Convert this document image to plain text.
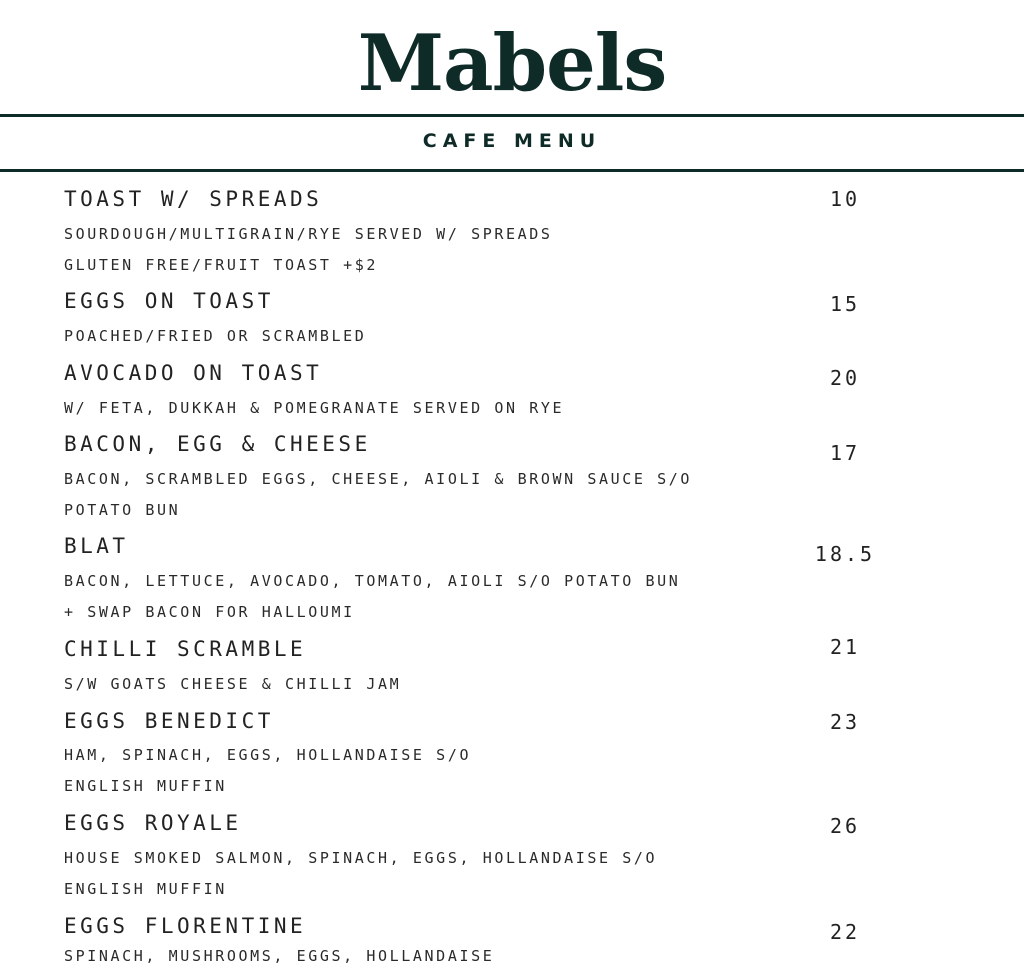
Mabels
CAFE MENU
TOAST W/ SPREADS	10
SOURDOUGH/MULTIGRAIN/RYE SERVED W/ SPREADS
GLUTEN FREE/FRUIT TOAST +$2
EGGS ON TOAST	15
POACHED/FRIED OR SCRAMBLED
AVOCADO ON TOAST	20
W/ FETA, DUKKAH & POMEGRANATE SERVED ON RYE
BACON, EGG & CHEESE	17
BACON, SCRAMBLED EGGS, CHEESE, AIOLI & BROWN SAUCE S/O
POTATO BUN
BLAT	18.5
BACON, LETTUCE, AVOCADO, TOMATO, AIOLI S/O POTATO BUN
+ SWAP BACON FOR HALLOUMI
CHILLI SCRAMBLE	21
S/W GOATS CHEESE & CHILLI JAM
EGGS BENEDICT	23
HAM, SPINACH, EGGS, HOLLANDAISE S/O
ENGLISH MUFFIN
EGGS ROYALE	26
HOUSE SMOKED SALMON, SPINACH, EGGS, HOLLANDAISE S/O
ENGLISH MUFFIN
EGGS FLORENTINE	22
SPINACH, MUSHROOMS, EGGS, HOLLANDAISE
